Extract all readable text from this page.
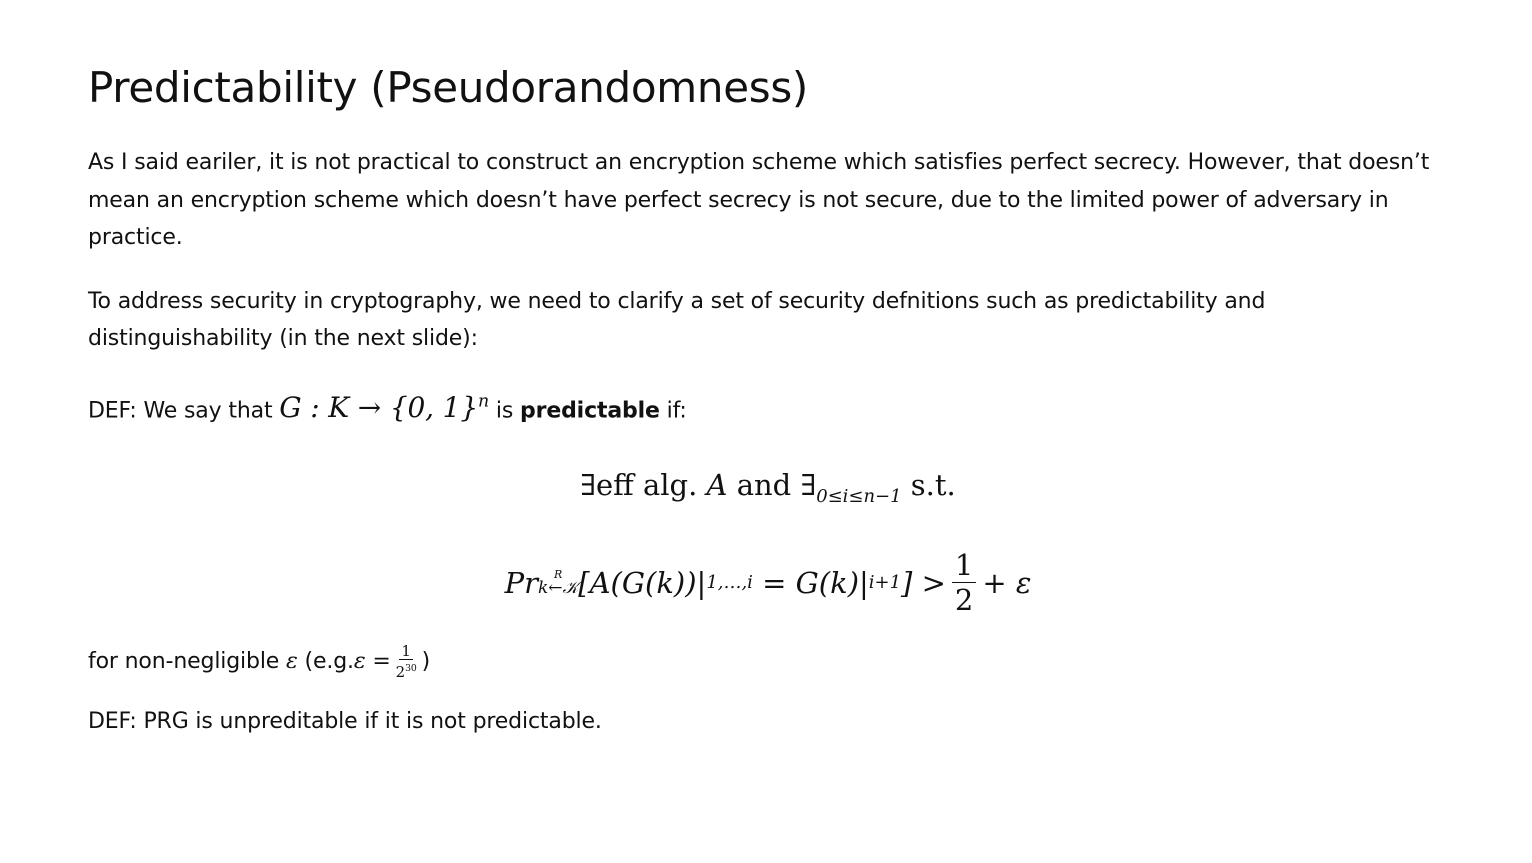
Predictability (Pseudorandomness)

As I said eariler, it is not practical to construct an encryption scheme which satisfies perfect secrecy. However, that doesn’t mean an encryption scheme which doesn’t have perfect secrecy is not secure, due to the limited power of adversary in practice.

To address security in cryptography, we need to clarify a set of security defnitions such as predictability and distinguishability (in the next slide):

DEF: We say that G : K → {0, 1}$^n$ is predictable if:

∃eff alg. A and $\exists_{0\le i\le n-1}$ s.t.
Pr	R
k←𝒦 [A(G(k))| 1,…,i = G(k)| i+1 ] > $\frac{1}{2} + \varepsilon$

for non-negligible ε ($e.g.\varepsilon = \frac{1}{2^{30}}$ )

DEF: PRG is unpreditable if it is not predictable.
